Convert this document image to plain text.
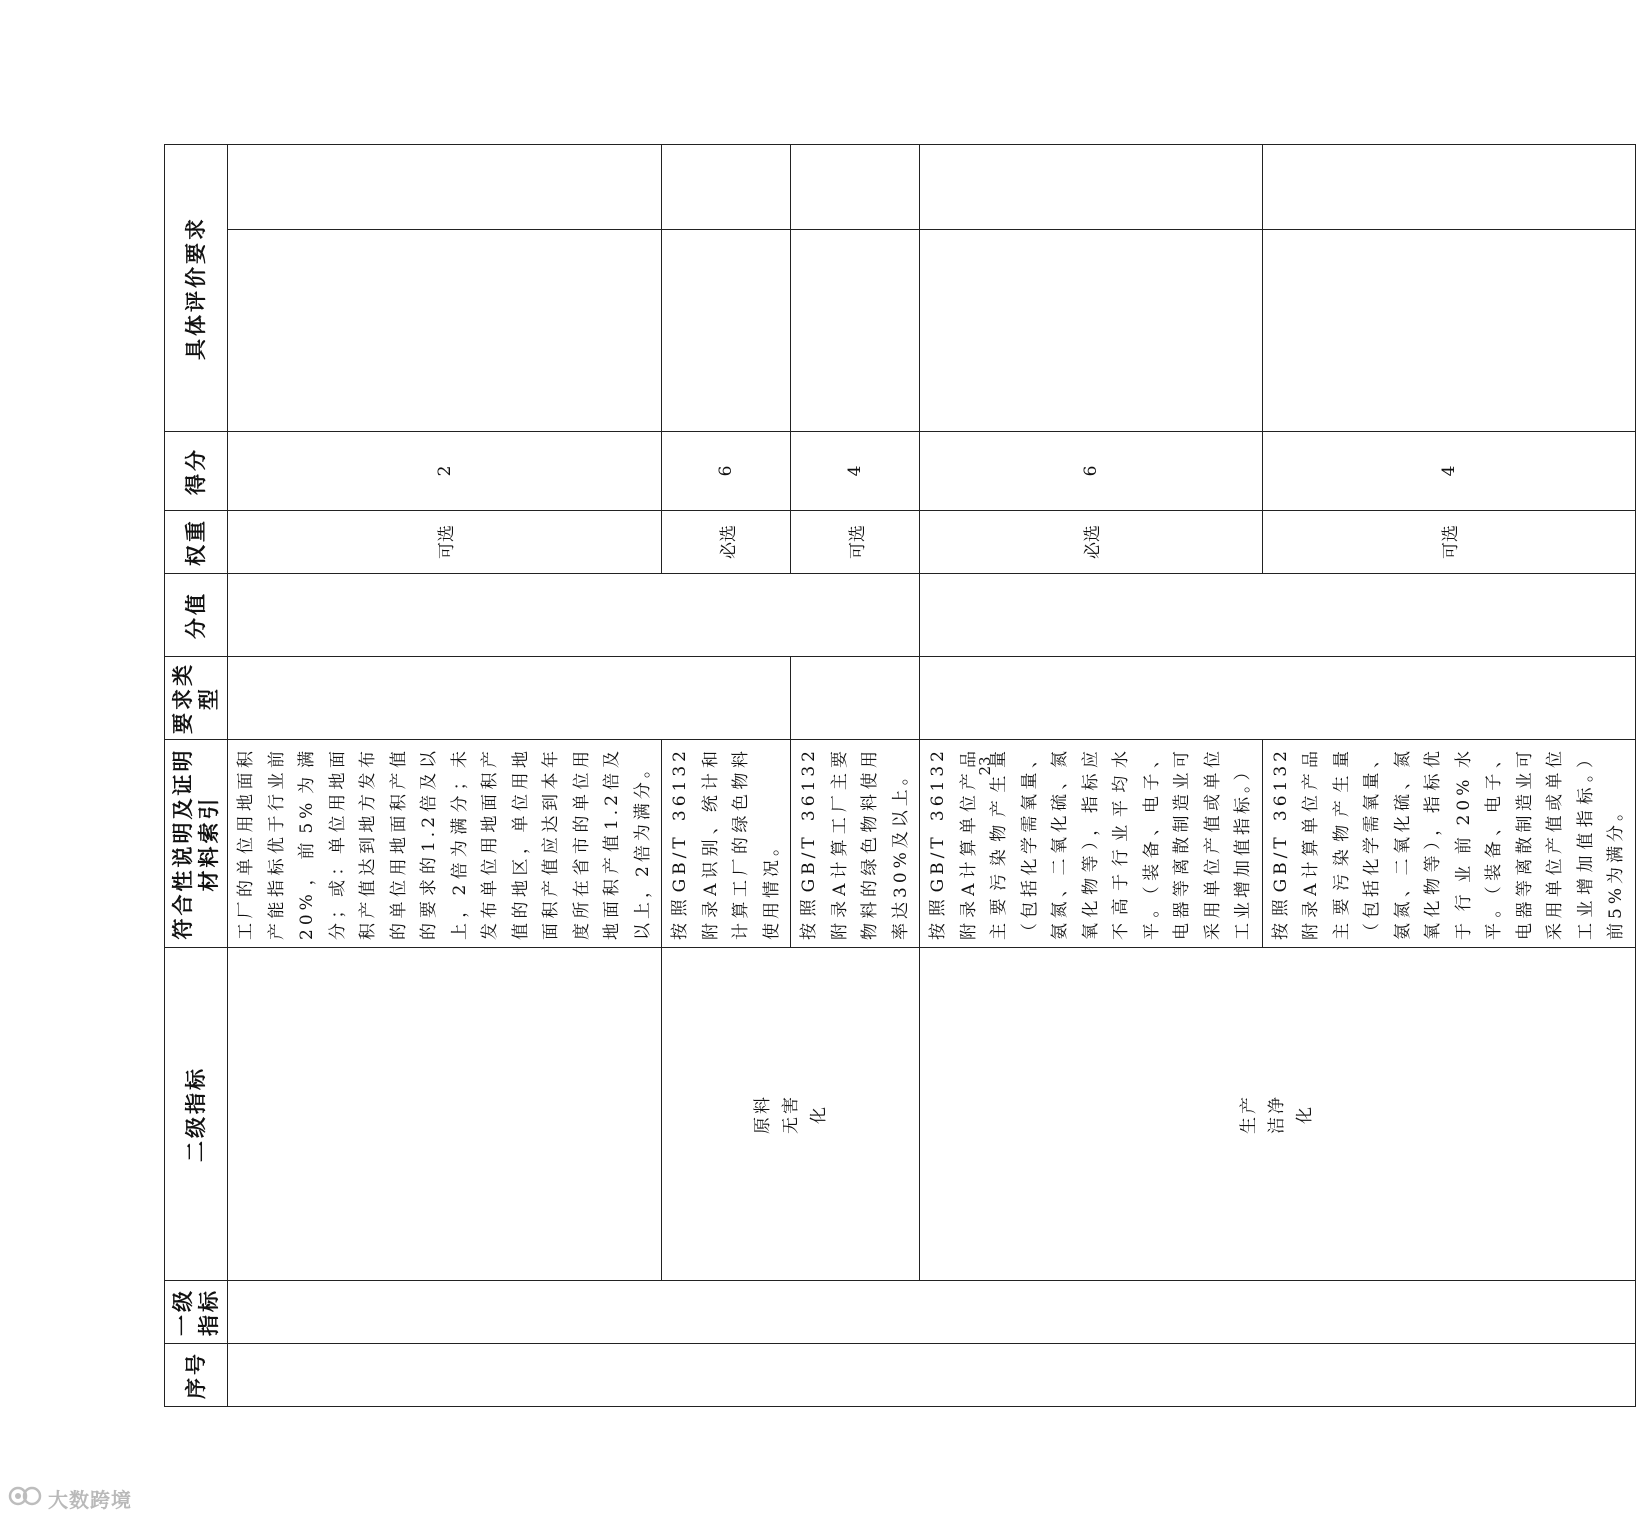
序号	一级指标	二级指标	符合性说明及证明材料索引	要求类型	分值	权重	得分	具体评价要求	
			工厂的单位用地面积产能指标优于行业前20%，前5%为满分；或：单位用地面积产值达到地方发布的单位用地面积产值的要求的1.2倍及以上，2倍为满分；未发布单位用地面积产值的地区，单位用地面积产值应达到本年度所在省市的单位用地面积产值1.2倍及以上，2倍为满分。			可选	2		
		原料无害化	按照GB/T 36132附录A识别、统计和计算工厂的绿色物料使用情况。			必选	6		
			按照GB/T 36132附录A计算工厂主要物料的绿色物料使用率达30%及以上。			可选	4		
		生产洁净化	按照GB/T 36132附录A计算单位产品主要污染物产生量（包括化学需氧量、氨氮、二氧化硫、氮氧化物等），指标应不高于行业平均水平。（装备、电子、电器等离散制造业可采用单位产值或单位工业增加值指标。）			必选	6		
			按照GB/T 36132附录A计算单位产品主要污染物产生量（包括化学需氧量、氨氮、二氧化硫、氮氧化物等），指标优于行业前20%水平。（装备、电子、电器等离散制造业可采用单位产值或单位工业增加值指标。）前5%为满分。			可选	4		
23
大数跨境
